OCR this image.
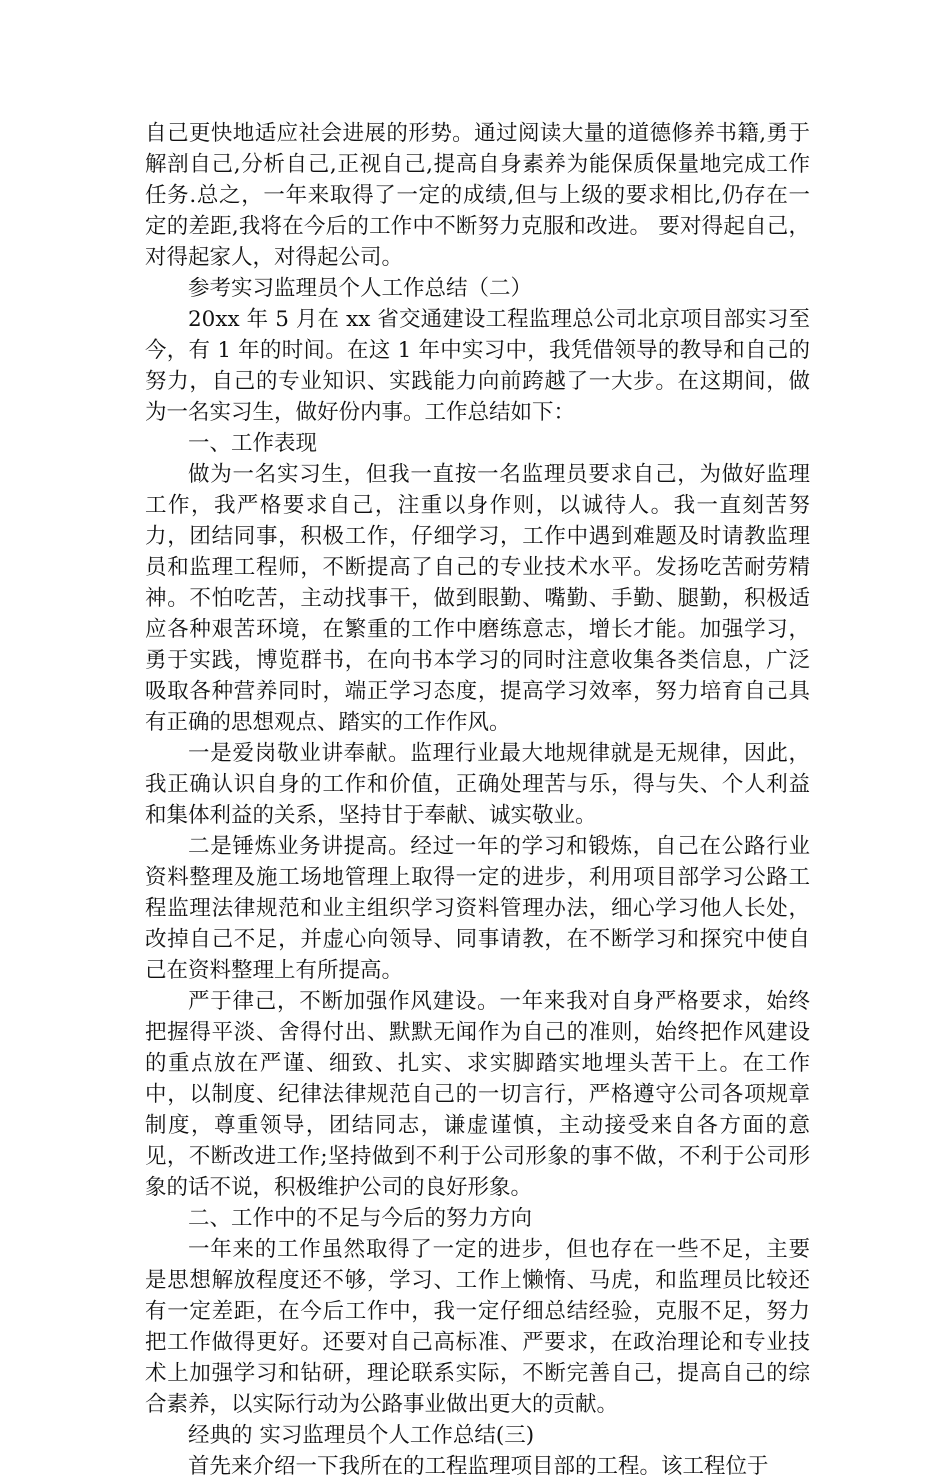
自己更快地适应社会进展的形势。通过阅读大量的道德修养书籍,勇于解剖自己,分析自己,正视自己,提高自身素养为能保质保量地完成工作任务.总之，一年来取得了一定的成绩,但与上级的要求相比,仍存在一定的差距,我将在今后的工作中不断努力克服和改进。 要对得起自己，对得起家人，对得起公司。

参考实习监理员个人工作总结（二）

20xx 年 5 月在 xx 省交通建设工程监理总公司北京项目部实习至今，有 1 年的时间。在这 1 年中实习中，我凭借领导的教导和自己的努力，自己的专业知识、实践能力向前跨越了一大步。在这期间，做为一名实习生，做好份内事。工作总结如下：

一、工作表现

做为一名实习生，但我一直按一名监理员要求自己，为做好监理工作，我严格要求自己，注重以身作则，以诚待人。我一直刻苦努力，团结同事，积极工作，仔细学习，工作中遇到难题及时请教监理员和监理工程师，不断提高了自己的专业技术水平。发扬吃苦耐劳精神。不怕吃苦，主动找事干，做到眼勤、嘴勤、手勤、腿勤，积极适应各种艰苦环境，在繁重的工作中磨练意志，增长才能。加强学习，勇于实践，博览群书，在向书本学习的同时注意收集各类信息，广泛吸取各种营养同时，端正学习态度，提高学习效率，努力培育自己具有正确的思想观点、踏实的工作作风。

一是爱岗敬业讲奉献。监理行业最大地规律就是无规律，因此，我正确认识自身的工作和价值，正确处理苦与乐，得与失、个人利益和集体利益的关系，坚持甘于奉献、诚实敬业。

二是锤炼业务讲提高。经过一年的学习和锻炼，自己在公路行业资料整理及施工场地管理上取得一定的进步，利用项目部学习公路工程监理法律规范和业主组织学习资料管理办法，细心学习他人长处，改掉自己不足，并虚心向领导、同事请教，在不断学习和探究中使自己在资料整理上有所提高。

严于律己，不断加强作风建设。一年来我对自身严格要求，始终把握得平淡、舍得付出、默默无闻作为自己的准则，始终把作风建设的重点放在严谨、细致、扎实、求实脚踏实地埋头苦干上。在工作中，以制度、纪律法律规范自己的一切言行，严格遵守公司各项规章制度，尊重领导，团结同志，谦虚谨慎，主动接受来自各方面的意见，不断改进工作;坚持做到不利于公司形象的事不做，不利于公司形象的话不说，积极维护公司的良好形象。

二、工作中的不足与今后的努力方向

一年来的工作虽然取得了一定的进步，但也存在一些不足，主要是思想解放程度还不够，学习、工作上懒惰、马虎，和监理员比较还有一定差距，在今后工作中，我一定仔细总结经验，克服不足，努力把工作做得更好。还要对自己高标准、严要求，在政治理论和专业技术上加强学习和钻研，理论联系实际，不断完善自己，提高自己的综合素养，以实际行动为公路事业做出更大的贡献。

经典的 实习监理员个人工作总结(三)

首先来介绍一下我所在的工程监理项目部的工程。该工程位于
